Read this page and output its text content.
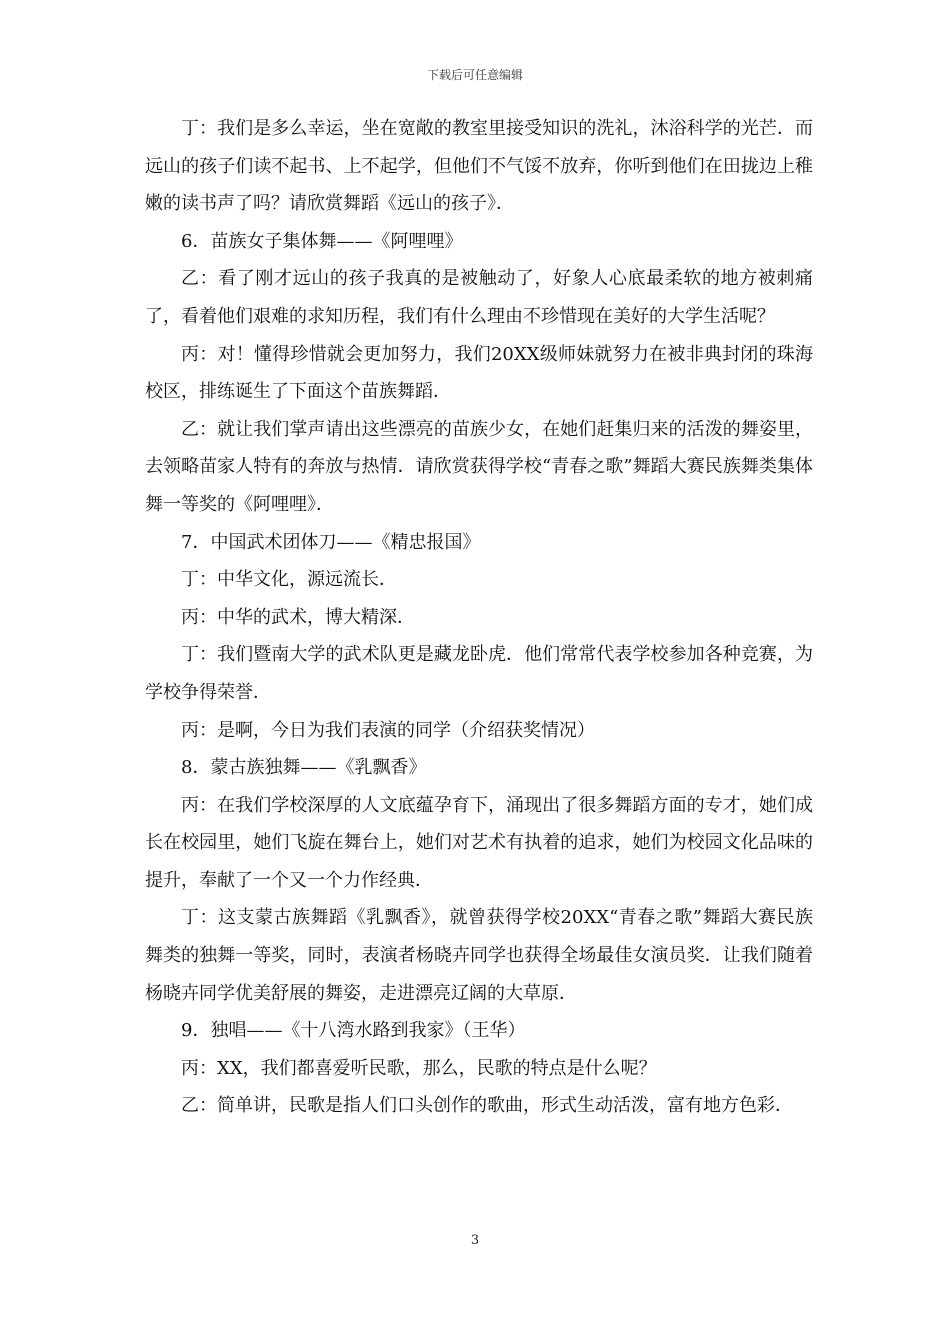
下载后可任意编辑

丁：我们是多么幸运，坐在宽敞的教室里接受知识的洗礼，沐浴科学的光芒．而远山的孩子们读不起书、上不起学，但他们不气馁不放弃，你听到他们在田拢边上稚嫩的读书声了吗？请欣赏舞蹈《远山的孩子》．

6．苗族女子集体舞——《阿哩哩》

乙：看了刚才远山的孩子我真的是被触动了，好象人心底最柔软的地方被刺痛了，看着他们艰难的求知历程，我们有什么理由不珍惜现在美好的大学生活呢？

丙：对！懂得珍惜就会更加努力，我们20XX级师妹就努力在被非典封闭的珠海校区，排练诞生了下面这个苗族舞蹈．

乙：就让我们掌声请出这些漂亮的苗族少女，在她们赶集归来的活泼的舞姿里，去领略苗家人特有的奔放与热情．请欣赏获得学校“青春之歌”舞蹈大赛民族舞类集体舞一等奖的《阿哩哩》．

7．中国武术团体刀——《精忠报国》

丁：中华文化，源远流长．

丙：中华的武术，博大精深．

丁：我们暨南大学的武术队更是藏龙卧虎．他们常常代表学校参加各种竞赛，为学校争得荣誉．

丙：是啊，今日为我们表演的同学（介绍获奖情况）

8．蒙古族独舞——《乳飘香》

丙：在我们学校深厚的人文底蕴孕育下，涌现出了很多舞蹈方面的专才，她们成长在校园里，她们飞旋在舞台上，她们对艺术有执着的追求，她们为校园文化品味的提升，奉献了一个又一个力作经典．

丁：这支蒙古族舞蹈《乳飘香》，就曾获得学校20XX“青春之歌”舞蹈大赛民族舞类的独舞一等奖，同时，表演者杨晓卉同学也获得全场最佳女演员奖．让我们随着杨晓卉同学优美舒展的舞姿，走进漂亮辽阔的大草原．

9．独唱——《十八湾水路到我家》（王华）

丙：XX，我们都喜爱听民歌，那么，民歌的特点是什么呢？

乙：简单讲，民歌是指人们口头创作的歌曲，形式生动活泼，富有地方色彩．

3
